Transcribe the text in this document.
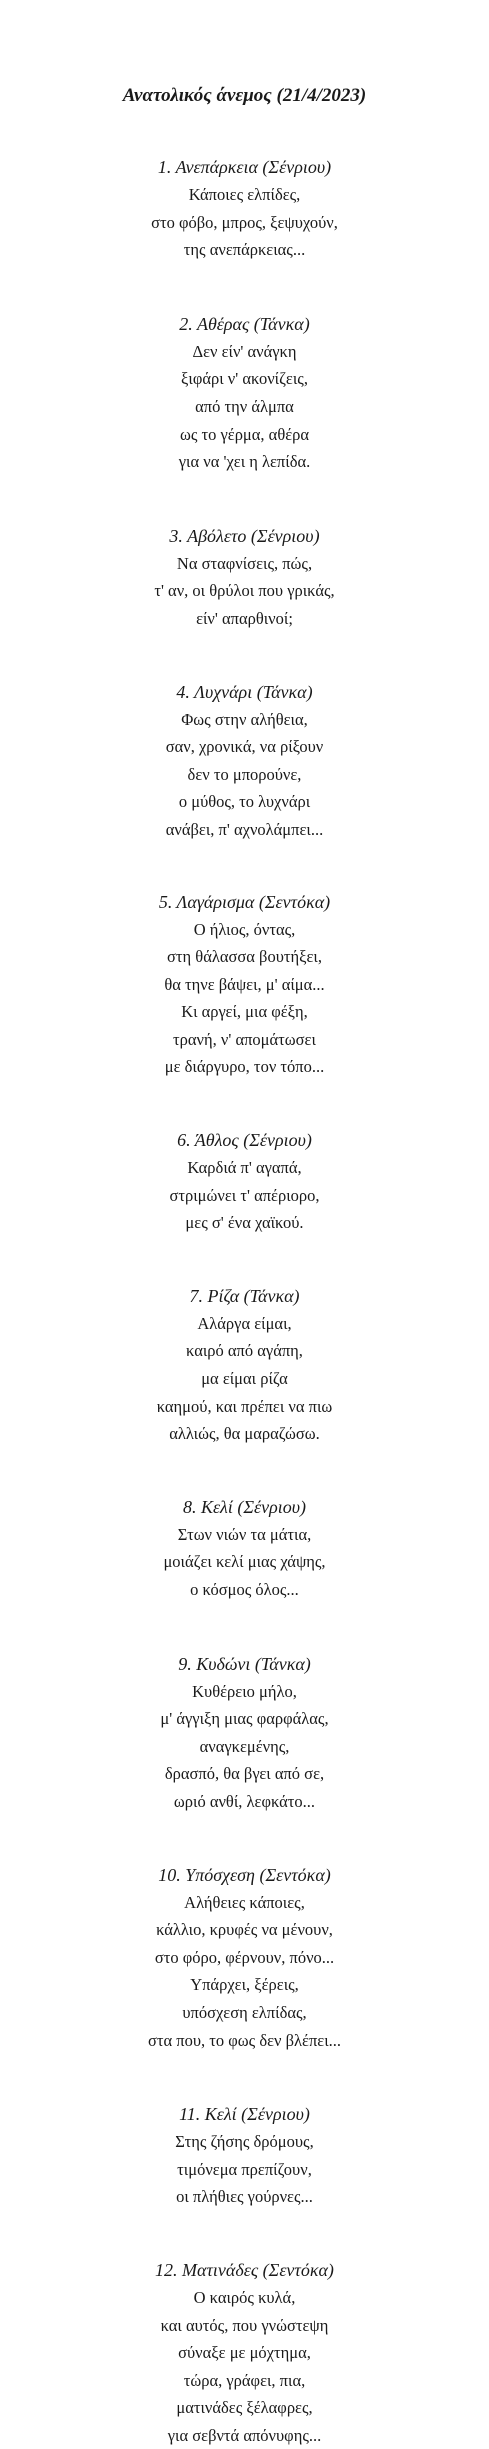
Ανατολικός άνεμος (21/4/2023)
1. Ανεπάρκεια (Σένριου)
Κάποιες ελπίδες,
στο φόβο, μπρος, ξεψυχούν,
της ανεπάρκειας...
2. Αθέρας (Τάνκα)
Δεν είν' ανάγκη
ξιφάρι ν' ακονίζεις,
από την άλμπα
ως το γέρμα, αθέρα
για να 'χει η λεπίδα.
3. Αβόλετο (Σένριου)
Να σταφνίσεις, πώς,
τ' αν, οι θρύλοι που γρικάς,
είν' απαρθινοί;
4. Λυχνάρι (Τάνκα)
Φως στην αλήθεια,
σαν, χρονικά, να ρίξουν
δεν το μπορούνε,
ο μύθος, το λυχνάρι
ανάβει, π' αχνολάμπει...
5. Λαγάρισμα (Σεντόκα)
Ο ήλιος, όντας,
στη θάλασσα βουτήξει,
θα τηνε βάψει, μ' αίμα...
Κι αργεί, μια φέξη,
τρανή, ν' απομάτωσει
με διάργυρο, τον τόπο...
6. Άθλος (Σένριου)
Καρδιά π' αγαπά,
στριμώνει τ' απέριορο,
μες σ' ένα χαϊκού.
7. Ρίζα (Τάνκα)
Αλάργα είμαι,
καιρό από αγάπη,
μα είμαι ρίζα
καημού, και πρέπει να πιω
αλλιώς, θα μαραζώσω.
8. Κελί (Σένριου)
Στων νιών τα μάτια,
μοιάζει κελί μιας χάψης,
ο κόσμος όλος...
9. Κυδώνι (Τάνκα)
Κυθέρειο μήλο,
μ' άγγιξη μιας φαρφάλας,
αναγκεμένης,
δρασπό, θα βγει από σε,
ωριό ανθί, λεφκάτο...
10. Υπόσχεση (Σεντόκα)
Αλήθειες κάποιες,
κάλλιο, κρυφές να μένουν,
στο φόρο, φέρνουν, πόνο...
Υπάρχει, ξέρεις,
υπόσχεση ελπίδας,
στα που, το φως δεν βλέπει...
11. Κελί (Σένριου)
Στης ζήσης δρόμους,
τιμόνεμα πρεπίζουν,
οι πλήθιες γούρνες...
12. Ματινάδες (Σεντόκα)
Ο καιρός κυλά,
και αυτός, που γνώστεψη
σύναξε με μόχτημα,
τώρα, γράφει, πια,
ματινάδες ξέλαφρες,
για σεβντά απόνυφης...
